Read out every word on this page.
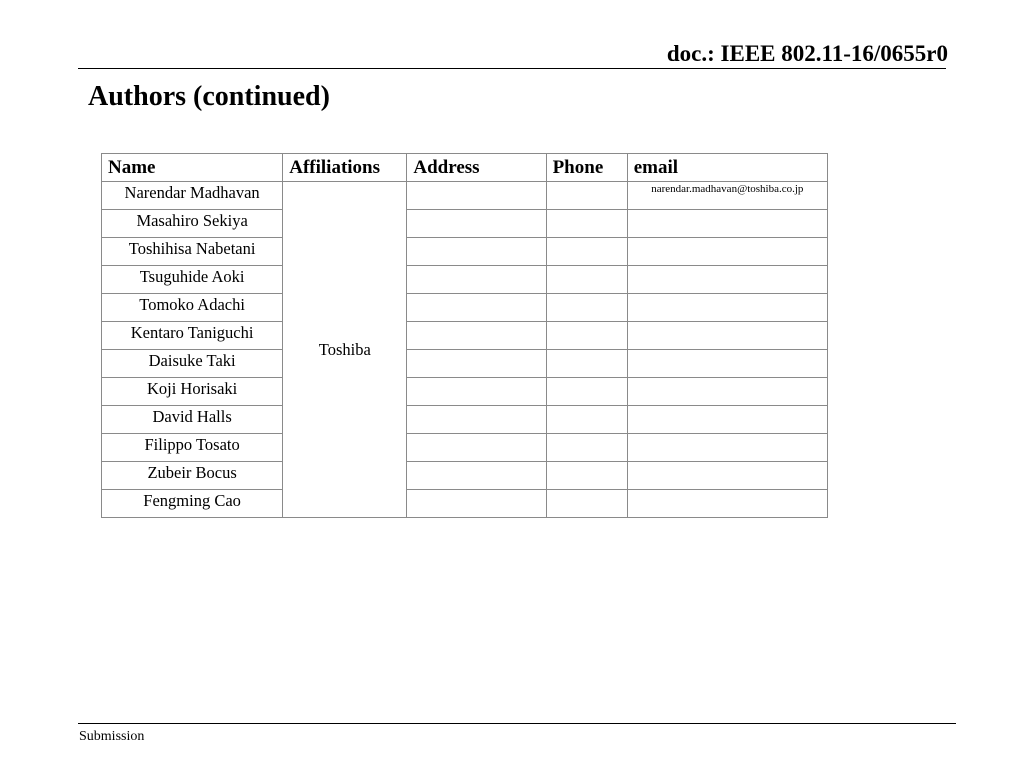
doc.: IEEE 802.11-16/0655r0
Authors (continued)
Name	Affiliations	Address	Phone	email
Narendar Madhavan	Toshiba			narendar.madhavan@toshiba.co.jp
Masahiro Sekiya				
Toshihisa Nabetani				
Tsuguhide Aoki				
Tomoko Adachi				
Kentaro Taniguchi				
Daisuke Taki				
Koji Horisaki				
David Halls				
Filippo Tosato				
Zubeir Bocus				
Fengming Cao				
Submission
